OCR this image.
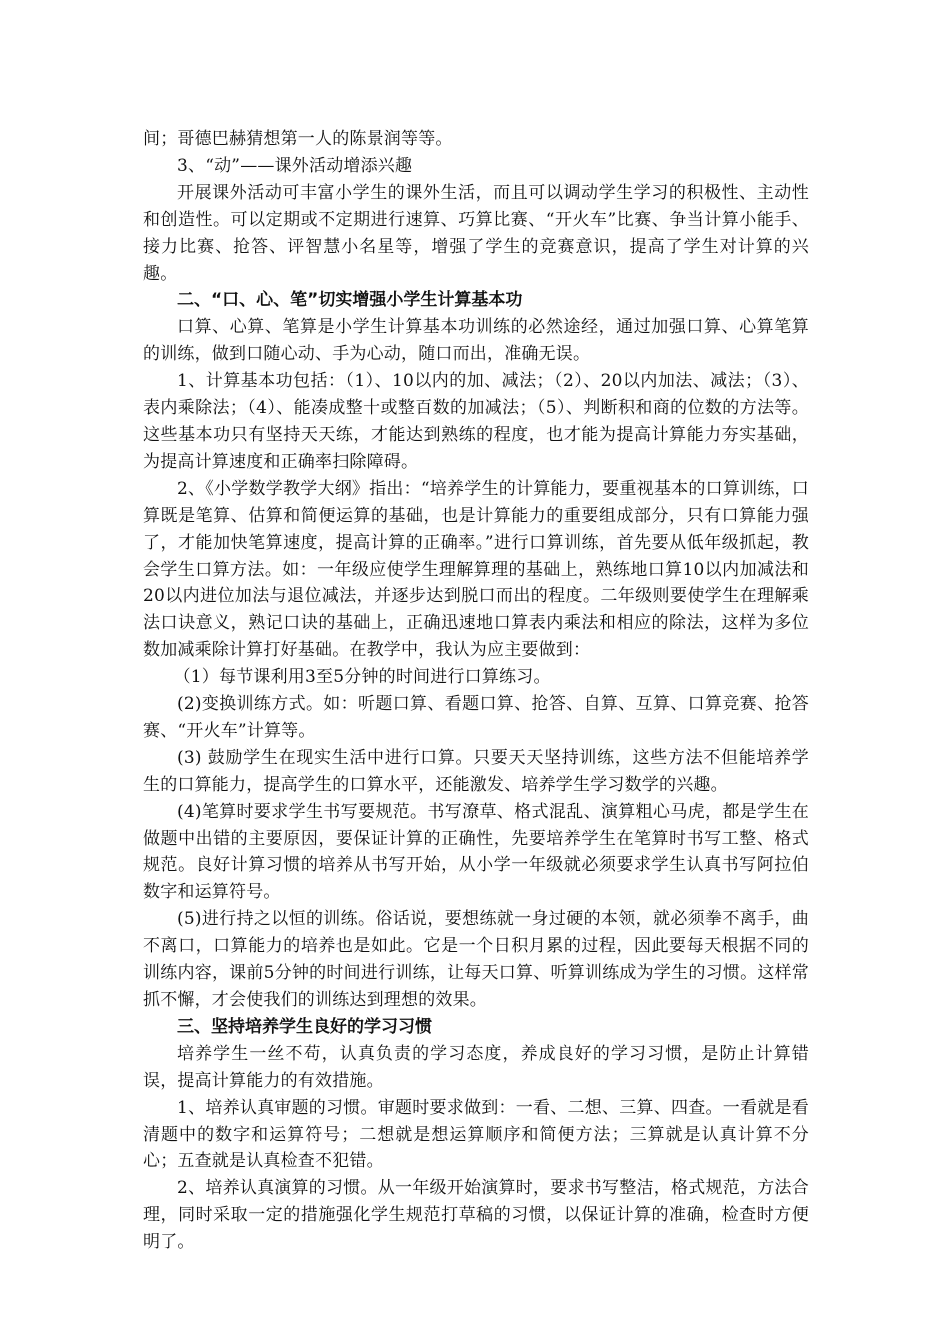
间；哥德巴赫猜想第一人的陈景润等等。

3、“动”——课外活动增添兴趣

开展课外活动可丰富小学生的课外生活，而且可以调动学生学习的积极性、主动性和创造性。可以定期或不定期进行速算、巧算比赛、“开火车”比赛、争当计算小能手、接力比赛、抢答、评智慧小名星等，增强了学生的竞赛意识，提高了学生对计算的兴趣。

二、“口、心、笔”切实增强小学生计算基本功

口算、心算、笔算是小学生计算基本功训练的必然途经，通过加强口算、心算笔算的训练，做到口随心动、手为心动，随口而出，准确无误。

1、计算基本功包括：（1）、10以内的加、减法；（2）、20以内加法、减法；（3）、表内乘除法；（4）、能凑成整十或整百数的加减法；（5）、判断积和商的位数的方法等。这些基本功只有坚持天天练，才能达到熟练的程度，也才能为提高计算能力夯实基础，为提高计算速度和正确率扫除障碍。

2、《小学数学教学大纲》指出：“培养学生的计算能力，要重视基本的口算训练，口算既是笔算、估算和简便运算的基础，也是计算能力的重要组成部分，只有口算能力强了，才能加快笔算速度，提高计算的正确率。”进行口算训练，首先要从低年级抓起，教会学生口算方法。如：一年级应使学生理解算理的基础上，熟练地口算10以内加减法和20以内进位加法与退位减法，并逐步达到脱口而出的程度。二年级则要使学生在理解乘法口诀意义，熟记口诀的基础上，正确迅速地口算表内乘法和相应的除法，这样为多位数加减乘除计算打好基础。在教学中，我认为应主要做到：

（1）每节课利用3至5分钟的时间进行口算练习。

(2)变换训练方式。如：听题口算、看题口算、抢答、自算、互算、口算竞赛、抢答赛、“开火车”计算等。

(3) 鼓励学生在现实生活中进行口算。只要天天坚持训练，这些方法不但能培养学生的口算能力，提高学生的口算水平，还能激发、培养学生学习数学的兴趣。

(4)笔算时要求学生书写要规范。书写潦草、格式混乱、演算粗心马虎，都是学生在做题中出错的主要原因，要保证计算的正确性，先要培养学生在笔算时书写工整、格式规范。良好计算习惯的培养从书写开始，从小学一年级就必须要求学生认真书写阿拉伯数字和运算符号。

(5)进行持之以恒的训练。俗话说，要想练就一身过硬的本领，就必须拳不离手，曲不离口，口算能力的培养也是如此。它是一个日积月累的过程，因此要每天根据不同的训练内容，课前5分钟的时间进行训练，让每天口算、听算训练成为学生的习惯。这样常抓不懈，才会使我们的训练达到理想的效果。

三、坚持培养学生良好的学习习惯

培养学生一丝不苟，认真负责的学习态度，养成良好的学习习惯，是防止计算错误，提高计算能力的有效措施。

1、培养认真审题的习惯。审题时要求做到：一看、二想、三算、四查。一看就是看清题中的数字和运算符号；二想就是想运算顺序和简便方法；三算就是认真计算不分心；五查就是认真检查不犯错。

2、培养认真演算的习惯。从一年级开始演算时，要求书写整洁，格式规范，方法合理，同时采取一定的措施强化学生规范打草稿的习惯，以保证计算的准确，检查时方便明了。
